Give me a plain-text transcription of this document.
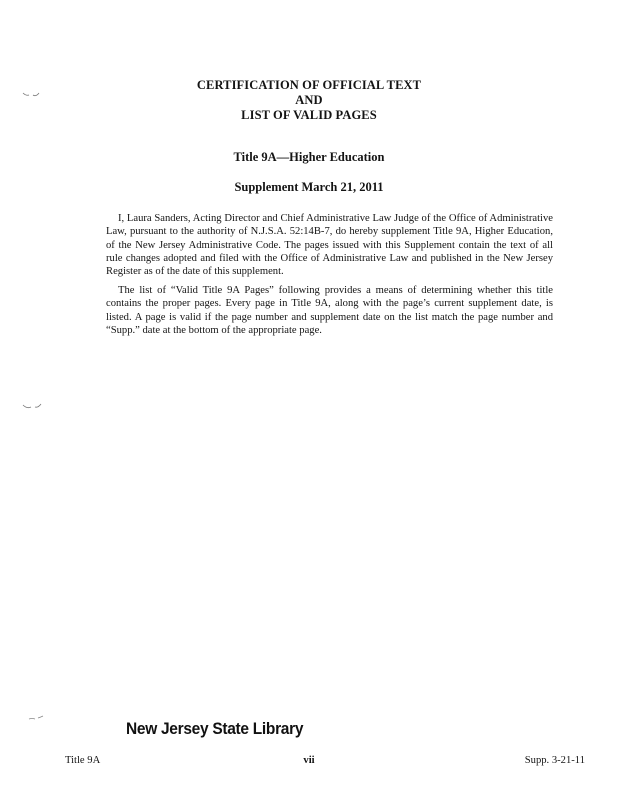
CERTIFICATION OF OFFICIAL TEXT
AND
LIST OF VALID PAGES
Title 9A—Higher Education
Supplement March 21, 2011

I, Laura Sanders, Acting Director and Chief Administrative Law Judge of the Office of Administrative Law, pursuant to the authority of N.J.S.A. 52:14B-7, do hereby supplement Title 9A, Higher Education, of the New Jersey Administrative Code. The pages issued with this Supplement contain the text of all rule changes adopted and filed with the Office of Administrative Law and published in the New Jersey Register as of the date of this supplement.

The list of “Valid Title 9A Pages” following provides a means of determining whether this title contains the proper pages. Every page in Title 9A, along with the page’s current supplement date, is listed. A page is valid if the page number and supplement date on the list match the page number and “Supp.” date at the bottom of the appropriate page.

New Jersey State Library
Title 9A	vii	Supp. 3-21-11
